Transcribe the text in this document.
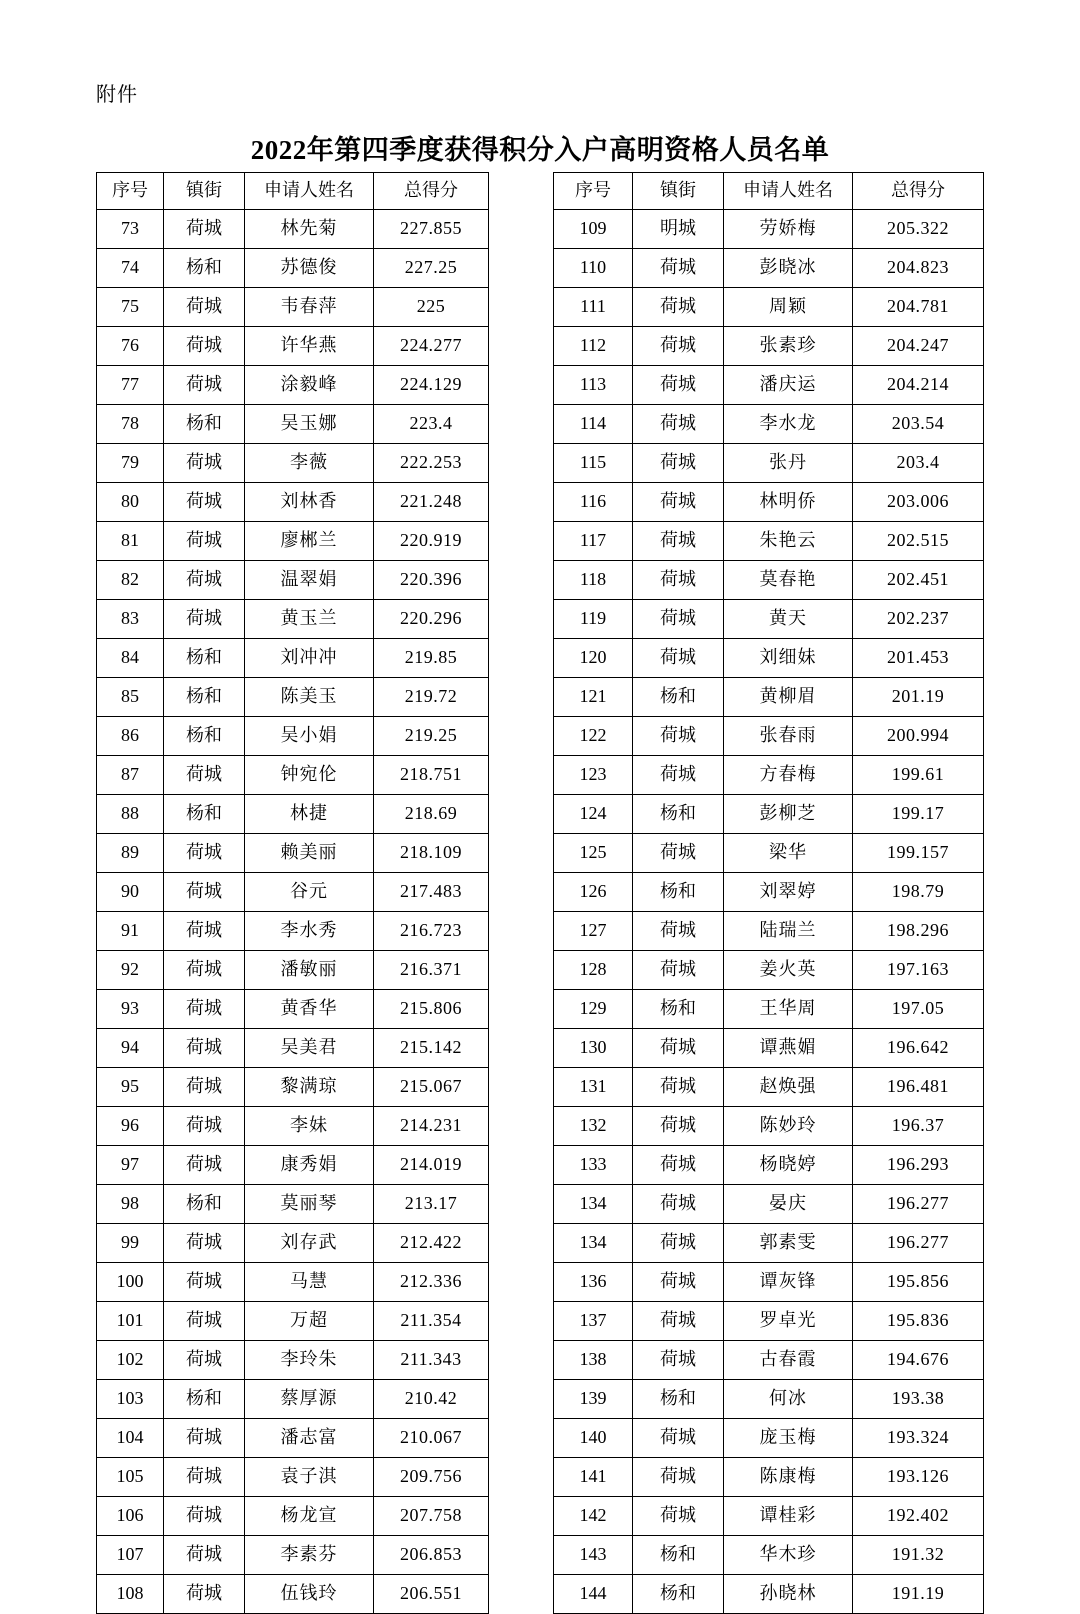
附件
2022年第四季度获得积分入户高明资格人员名单
序号	镇街	申请人姓名	总得分
73	荷城	林先菊	227.855
74	杨和	苏德俊	227.25
75	荷城	韦春萍	225
76	荷城	许华燕	224.277
77	荷城	涂毅峰	224.129
78	杨和	吴玉娜	223.4
79	荷城	李薇	222.253
80	荷城	刘林香	221.248
81	荷城	廖郴兰	220.919
82	荷城	温翠娟	220.396
83	荷城	黄玉兰	220.296
84	杨和	刘冲冲	219.85
85	杨和	陈美玉	219.72
86	杨和	吴小娟	219.25
87	荷城	钟宛伦	218.751
88	杨和	林捷	218.69
89	荷城	赖美丽	218.109
90	荷城	谷元	217.483
91	荷城	李水秀	216.723
92	荷城	潘敏丽	216.371
93	荷城	黄香华	215.806
94	荷城	吴美君	215.142
95	荷城	黎满琼	215.067
96	荷城	李妹	214.231
97	荷城	康秀娟	214.019
98	杨和	莫丽琴	213.17
99	荷城	刘存武	212.422
100	荷城	马慧	212.336
101	荷城	万超	211.354
102	荷城	李玲朱	211.343
103	杨和	蔡厚源	210.42
104	荷城	潘志富	210.067
105	荷城	袁子淇	209.756
106	荷城	杨龙宣	207.758
107	荷城	李素芬	206.853
108	荷城	伍钱玲	206.551
序号	镇街	申请人姓名	总得分
109	明城	劳娇梅	205.322
110	荷城	彭晓冰	204.823
111	荷城	周颖	204.781
112	荷城	张素珍	204.247
113	荷城	潘庆运	204.214
114	荷城	李水龙	203.54
115	荷城	张丹	203.4
116	荷城	林明侨	203.006
117	荷城	朱艳云	202.515
118	荷城	莫春艳	202.451
119	荷城	黄天	202.237
120	荷城	刘细妹	201.453
121	杨和	黄柳眉	201.19
122	荷城	张春雨	200.994
123	荷城	方春梅	199.61
124	杨和	彭柳芝	199.17
125	荷城	梁华	199.157
126	杨和	刘翠婷	198.79
127	荷城	陆瑞兰	198.296
128	荷城	姜火英	197.163
129	杨和	王华周	197.05
130	荷城	谭燕媚	196.642
131	荷城	赵焕强	196.481
132	荷城	陈妙玲	196.37
133	荷城	杨晓婷	196.293
134	荷城	晏庆	196.277
134	荷城	郭素雯	196.277
136	荷城	谭灰锋	195.856
137	荷城	罗卓光	195.836
138	荷城	古春霞	194.676
139	杨和	何冰	193.38
140	荷城	庞玉梅	193.324
141	荷城	陈康梅	193.126
142	荷城	谭桂彩	192.402
143	杨和	华木珍	191.32
144	杨和	孙晓林	191.19
